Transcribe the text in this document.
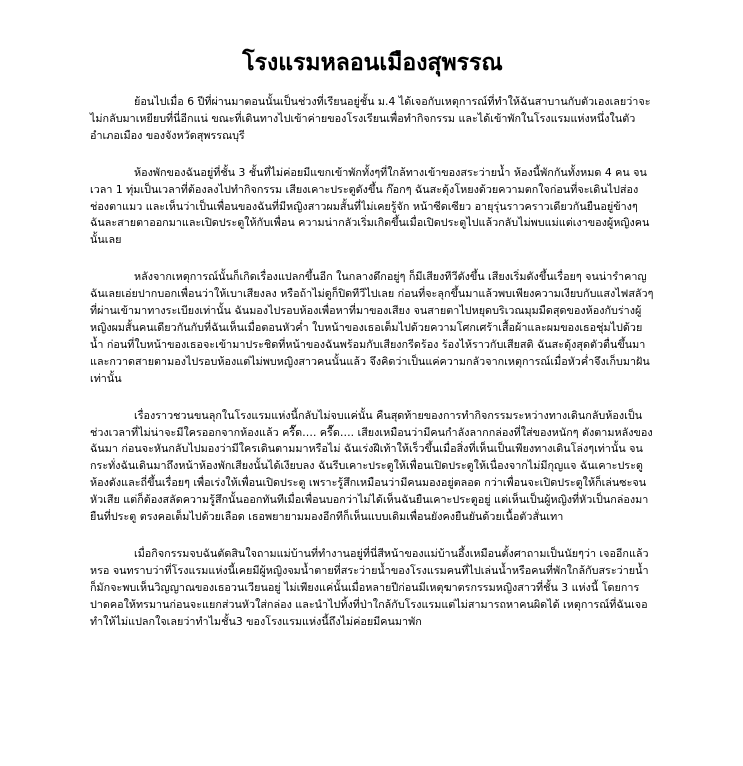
โรงแรมหลอนเมืองสุพรรณ

ย้อนไปเมื่อ 6 ปีที่ผ่านมาตอนนั้นเป็นช่วงที่เรียนอยู่ชั้น ม.4 ได้เจอกับเหตุการณ์ที่ทำให้ฉันสาบานกับตัวเองเลยว่าจะไม่กลับมาเหยียบที่นี่อีกแน่ ขณะที่เดินทางไปเข้าค่ายของโรงเรียนเพื่อทำกิจกรรม และได้เข้าพักในโรงแรมแห่งหนึ่งในตัวอำเภอเมือง ของจังหวัดสุพรรณบุรี

ห้องพักของฉันอยู่ที่ชั้น 3 ชั้นที่ไม่ค่อยมีแขกเข้าพักทั้งๆที่ใกล้ทางเข้าของสระว่ายน้ำ ห้องนี้พักกันทั้งหมด 4 คน จนเวลา 1 ทุ่มเป็นเวลาที่ต้องลงไปทำกิจกรรม เสียงเคาะประตูดังขึ้น ก๊อกๆ ฉันสะดุ้งโหยงด้วยความตกใจก่อนที่จะเดินไปส่องช่องตาแมว และเห็นว่าเป็นเพื่อนของฉันที่มีหญิงสาวผมสั้นที่ไม่เคยรู้จัก หน้าซีดเซียว อายุรุ่นราวคราวเดียวกันยืนอยู่ข้างๆ ฉันละสายตาออกมาและเปิดประตูให้กับเพื่อน ความน่ากลัวเริ่มเกิดขึ้นเมื่อเปิดประตูไปแล้วกลับไม่พบแม่แต่เงาของผู้หญิงคนนั้นเลย

หลังจากเหตุการณ์นั้นก็เกิดเรื่องแปลกขึ้นอีก ในกลางดึกอยู่ๆ ก็มีเสียงทีวีดังขึ้น เสียงเริ่มดังขึ้นเรื่อยๆ จนน่ารำคาญฉันเลยเอ่ยปากบอกเพื่อนว่าให้เบาเสียงลง หรือถ้าไม่ดูก็ปิดทีวีไปเลย ก่อนที่จะลุกขึ้นมาแล้วพบเพียงความเงียบกับแสงไฟสลัวๆ ที่ผ่านเข้ามาทางระเบียงเท่านั้น ฉันมองไปรอบห้องเพื่อหาที่มาของเสียง จนสายตาไปหยุดบริเวณมุมมืดสุดของห้องกับร่างผู้หญิงผมสั้นคนเดียวกันกับที่ฉันเห็นเมื่อตอนหัวค่ำ ใบหน้าของเธอเต็มไปด้วยความโศกเศร้าเสื้อผ้าและผมของเธอชุ่มไปด้วยน้ำ ก่อนที่ใบหน้าของเธอจะเข้ามาประชิดที่หน้าของฉันพร้อมกับเสียงกรีดร้อง ร้องไห้ราวกับเสียสติ ฉันสะดุ้งสุดตัวตื่นขึ้นมาและกวาดสายตามองไปรอบห้องแต่ไม่พบหญิงสาวคนนั้นแล้ว จึงคิดว่าเป็นแค่ความกลัวจากเหตุการณ์เมื่อหัวค่ำจึงเก็บมาฝันเท่านั้น

เรื่องราวชวนขนลุกในโรงแรมแห่งนี้กลับไม่จบแค่นั้น คืนสุดท้ายของการทำกิจกรรมระหว่างทางเดินกลับห้องเป็นช่วงเวลาที่ไม่น่าจะมีใครออกจากห้องแล้ว ครื๊ด…. ครื๊ด…. เสียงเหมือนว่ามีคนกำลังลากกล่องที่ใส่ของหนักๆ ดังตามหลังของฉันมา ก่อนจะหันกลับไปมองว่ามีใครเดินตามมาหรือไม่ ฉันเร่งฝีเท้าให้เร็วขึ้นเมื่อสิ่งที่เห็นเป็นเพียงทางเดินโล่งๆเท่านั้น จนกระทั่งฉันเดินมาถึงหน้าห้องพักเสียงนั้นได้เงียบลง ฉันรีบเคาะประตูให้เพื่อนเปิดประตูให้เนื่องจากไม่มีกุญแจ ฉันเคาะประตูห้องดังและถี่ขึ้นเรื่อยๆ เพื่อเร่งให้เพื่อนเปิดประตู เพราะรู้สึกเหมือนว่ามีคนมองอยู่ตลอด กว่าเพื่อนจะเปิดประตูให้ก็เล่นซะจนหัวเสีย แต่ก็ต้องสลัดความรู้สึกนั้นออกทันทีเมื่อเพื่อนบอกว่าไม่ได้เห็นฉันยืนเคาะประตูอยู่ แต่เห็นเป็นผู้หญิงที่หัวเป็นกล่องมายืนที่ประตู ตรงคอเต็มไปด้วยเลือด เธอพยายามมองอีกทีก็เห็นแบบเดิมเพื่อนยังคงยืนยันด้วยเนื้อตัวสั่นเทา

เมื่อกิจกรรมจบฉันตัดสินใจถามแม่บ้านที่ทำงานอยู่ที่นี่สีหน้าของแม่บ้านอึ้งเหมือนตั้งศาถามเป็นนัยๆว่า เจออีกแล้วหรอ จนทราบว่าที่โรงแรมแห่งนี้เคยมีผู้หญิงจมน้ำตายที่สระว่ายน้ำของโรงแรมคนที่ไปเล่นน้ำหรือคนที่พักใกล้กับสระว่ายน้ำก็มักจะพบเห็นวิญญาณของเธอวนเวียนอยู่ ไม่เพียงแค่นั้นเมื่อหลายปีก่อนมีเหตุฆาตรกรรมหญิงสาวที่ชั้น 3 แห่งนี้ โดยการปาดคอให้ทรมานก่อนจะแยกส่วนหัวใส่กล่อง และนำไปทิ้งที่ป่าใกล้กับโรงแรมแต่ไม่สามารถหาคนผิดได้ เหตุการณ์ที่ฉันเจอทำให้ไม่แปลกใจเลยว่าทำไมชั้น3 ของโรงแรมแห่งนี้ถึงไม่ค่อยมีคนมาพัก
